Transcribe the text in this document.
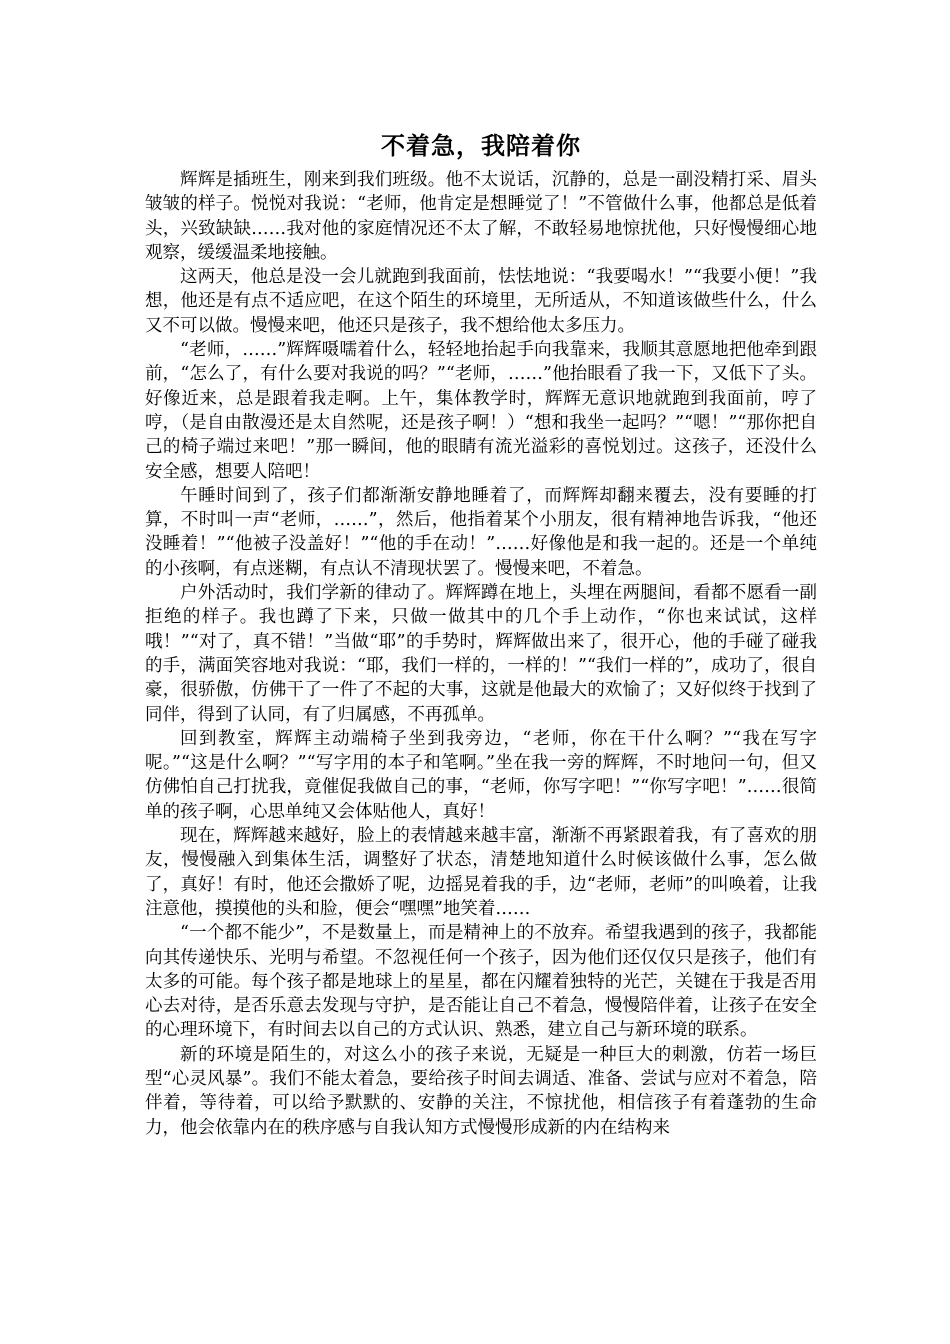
不着急，我陪着你

辉辉是插班生，刚来到我们班级。他不太说话，沉静的，总是一副没精打采、眉头皱皱的样子。悦悦对我说：“老师，他肯定是想睡觉了！”不管做什么事，他都总是低着头，兴致缺缺……我对他的家庭情况还不太了解，不敢轻易地惊扰他，只好慢慢细心地观察，缓缓温柔地接触。

这两天，他总是没一会儿就跑到我面前，怯怯地说：“我要喝水！”“我要小便！”我想，他还是有点不适应吧，在这个陌生的环境里，无所适从，不知道该做些什么，什么又不可以做。慢慢来吧，他还只是孩子，我不想给他太多压力。

“老师，……”辉辉嗫嚅着什么，轻轻地抬起手向我靠来，我顺其意愿地把他牵到跟前，“怎么了，有什么要对我说的吗？”“老师，……”他抬眼看了我一下，又低下了头。好像近来，总是跟着我走啊。上午，集体教学时，辉辉无意识地就跑到我面前，哼了哼，（是自由散漫还是太自然呢，还是孩子啊！）“想和我坐一起吗？”“嗯！”“那你把自己的椅子端过来吧！”那一瞬间，他的眼睛有流光溢彩的喜悦划过。这孩子，还没什么安全感，想要人陪吧！

午睡时间到了，孩子们都渐渐安静地睡着了，而辉辉却翻来覆去，没有要睡的打算，不时叫一声“老师，……”，然后，他指着某个小朋友，很有精神地告诉我，“他还没睡着！”“他被子没盖好！”“他的手在动！”……好像他是和我一起的。还是一个单纯的小孩啊，有点迷糊，有点认不清现状罢了。慢慢来吧，不着急。

户外活动时，我们学新的律动了。辉辉蹲在地上，头埋在两腿间，看都不愿看一副拒绝的样子。我也蹲了下来，只做一做其中的几个手上动作，“你也来试试，这样哦！”“对了，真不错！”当做“耶”的手势时，辉辉做出来了，很开心，他的手碰了碰我的手，满面笑容地对我说：“耶，我们一样的，一样的！”“我们一样的”，成功了，很自豪，很骄傲，仿佛干了一件了不起的大事，这就是他最大的欢愉了；又好似终于找到了同伴，得到了认同，有了归属感，不再孤单。

回到教室，辉辉主动端椅子坐到我旁边，“老师，你在干什么啊？”“我在写字呢。”“这是什么啊？”“写字用的本子和笔啊。”坐在我一旁的辉辉，不时地问一句，但又仿佛怕自己打扰我，竟催促我做自己的事，“老师，你写字吧！”“你写字吧！”……很简单的孩子啊，心思单纯又会体贴他人，真好！

现在，辉辉越来越好，脸上的表情越来越丰富，渐渐不再紧跟着我，有了喜欢的朋友，慢慢融入到集体生活，调整好了状态，清楚地知道什么时候该做什么事，怎么做了，真好！有时，他还会撒娇了呢，边摇晃着我的手，边“老师，老师”的叫唤着，让我注意他，摸摸他的头和脸，便会“嘿嘿”地笑着……

“一个都不能少”，不是数量上，而是精神上的不放弃。希望我遇到的孩子，我都能向其传递快乐、光明与希望。不忽视任何一个孩子，因为他们还仅仅只是孩子，他们有太多的可能。每个孩子都是地球上的星星，都在闪耀着独特的光芒，关键在于我是否用心去对待，是否乐意去发现与守护，是否能让自己不着急，慢慢陪伴着，让孩子在安全的心理环境下，有时间去以自己的方式认识、熟悉，建立自己与新环境的联系。

新的环境是陌生的，对这么小的孩子来说，无疑是一种巨大的刺激，仿若一场巨型“心灵风暴”。我们不能太着急，要给孩子时间去调适、准备、尝试与应对不着急，陪伴着，等待着，可以给予默默的、安静的关注，不惊扰他，相信孩子有着蓬勃的生命力，他会依靠内在的秩序感与自我认知方式慢慢形成新的内在结构来
